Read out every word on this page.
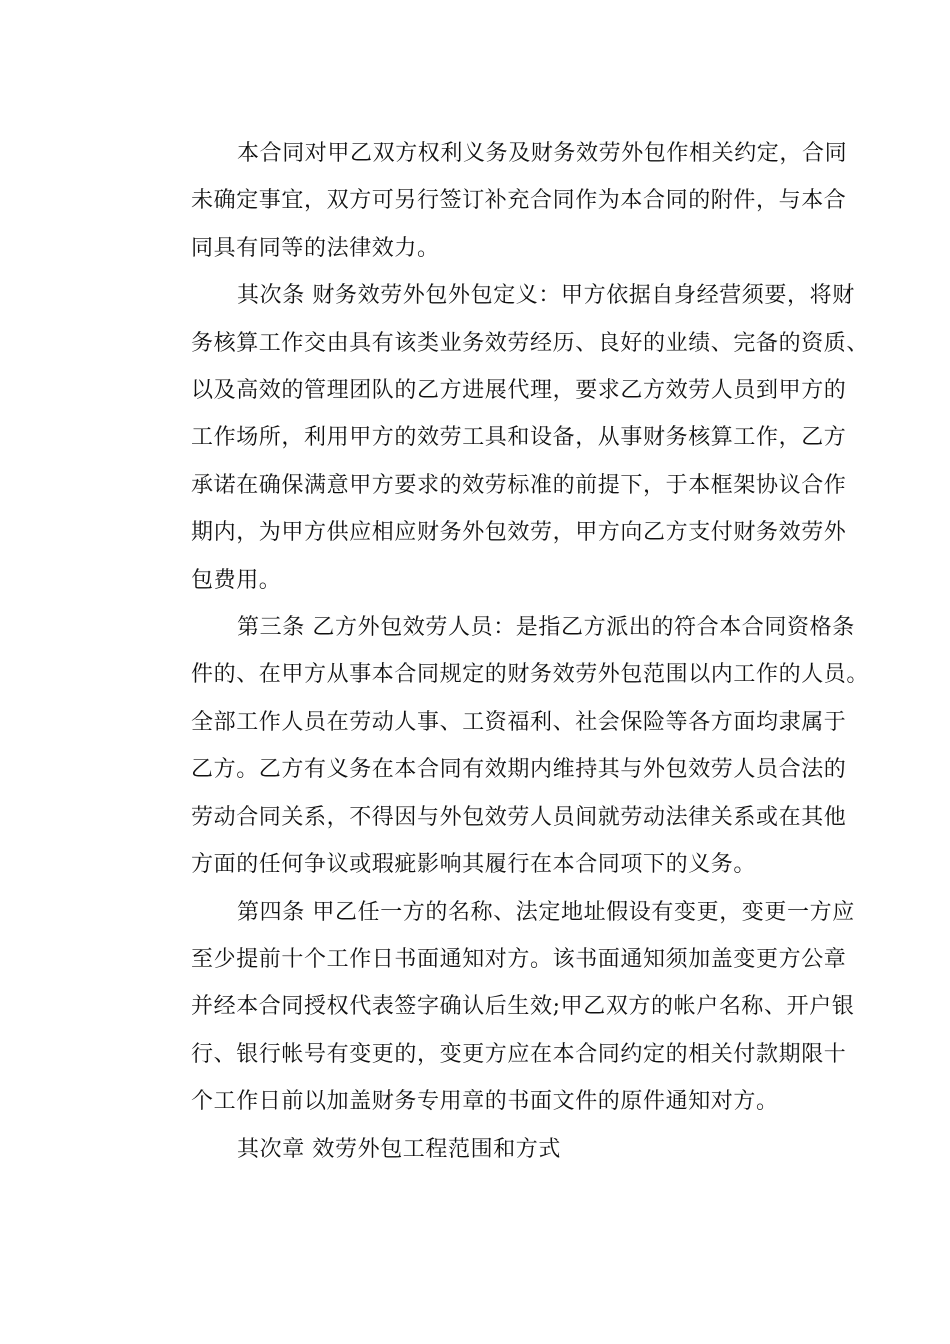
本合同对甲乙双方权利义务及财务效劳外包作相关约定，合同
未确定事宜，双方可另行签订补充合同作为本合同的附件，与本合
同具有同等的法律效力。
其次条 财务效劳外包外包定义：甲方依据自身经营须要，将财
务核算工作交由具有该类业务效劳经历、良好的业绩、完备的资质、
以及高效的管理团队的乙方进展代理，要求乙方效劳人员到甲方的
工作场所，利用甲方的效劳工具和设备，从事财务核算工作，乙方
承诺在确保满意甲方要求的效劳标准的前提下，于本框架协议合作
期内，为甲方供应相应财务外包效劳，甲方向乙方支付财务效劳外
包费用。
第三条 乙方外包效劳人员：是指乙方派出的符合本合同资格条
件的、在甲方从事本合同规定的财务效劳外包范围以内工作的人员。
全部工作人员在劳动人事、工资福利、社会保险等各方面均隶属于
乙方。乙方有义务在本合同有效期内维持其与外包效劳人员合法的
劳动合同关系，不得因与外包效劳人员间就劳动法律关系或在其他
方面的任何争议或瑕疵影响其履行在本合同项下的义务。
第四条 甲乙任一方的名称、法定地址假设有变更，变更一方应
至少提前十个工作日书面通知对方。该书面通知须加盖变更方公章
并经本合同授权代表签字确认后生效;甲乙双方的帐户名称、开户银
行、银行帐号有变更的，变更方应在本合同约定的相关付款期限十
个工作日前以加盖财务专用章的书面文件的原件通知对方。
其次章 效劳外包工程范围和方式
